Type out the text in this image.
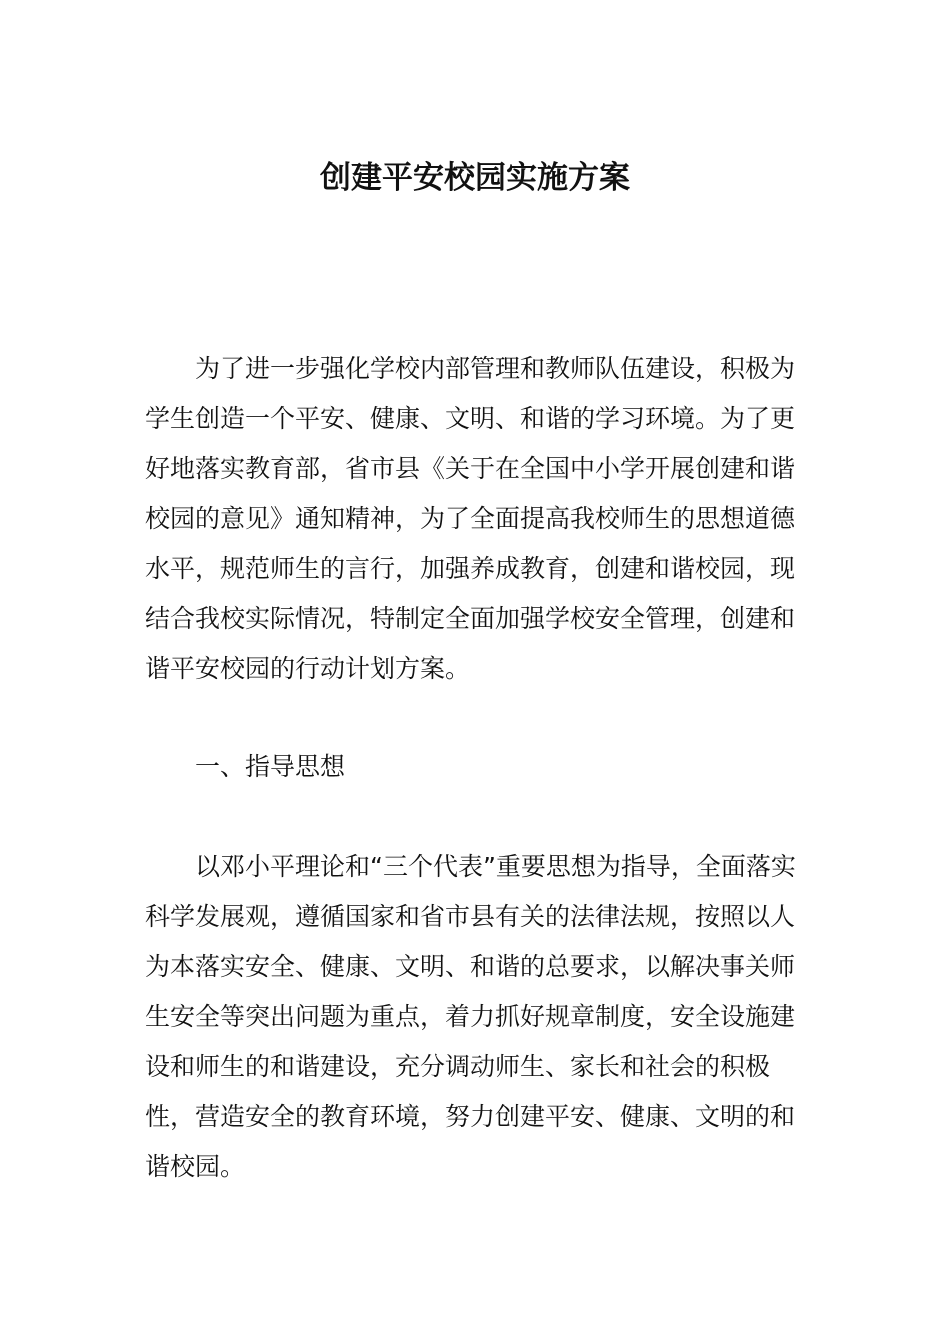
创建平安校园实施方案

为了进一步强化学校内部管理和教师队伍建设，积极为学生创造一个平安、健康、文明、和谐的学习环境。为了更好地落实教育部，省市县《关于在全国中小学开展创建和谐校园的意见》通知精神，为了全面提高我校师生的思想道德水平，规范师生的言行，加强养成教育，创建和谐校园，现结合我校实际情况，特制定全面加强学校安全管理，创建和谐平安校园的行动计划方案。

一、指导思想

以邓小平理论和“三个代表”重要思想为指导，全面落实科学发展观，遵循国家和省市县有关的法律法规，按照以人为本落实安全、健康、文明、和谐的总要求，以解决事关师生安全等突出问题为重点，着力抓好规章制度，安全设施建设和师生的和谐建设，充分调动师生、家长和社会的积极性，营造安全的教育环境，努力创建平安、健康、文明的和谐校园。
